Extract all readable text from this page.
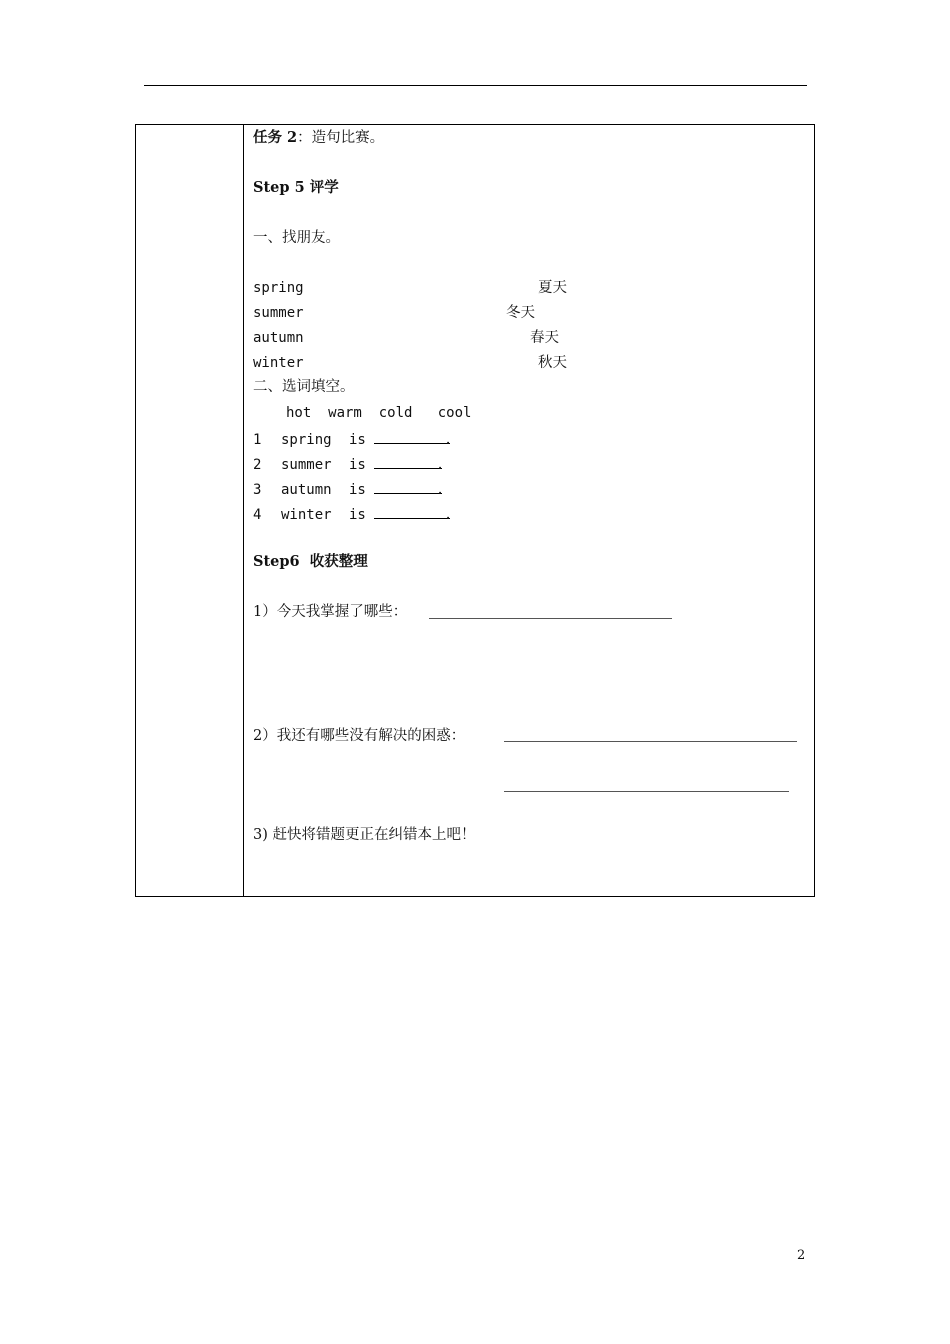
任务 2：造句比赛。
Step 5 评学
一、找朋友。
spring	夏天
summer	冬天
autumn	春天
winter	秋天
二、选词填空。
hot  warm  cold   cool
1 spring is	.
2 summer is	.
3 autumn is	.
4 winter is	.
Step6  收获整理
1）今天我掌握了哪些：
2）我还有哪些没有解决的困惑：
3) 赶快将错题更正在纠错本上吧！
2
